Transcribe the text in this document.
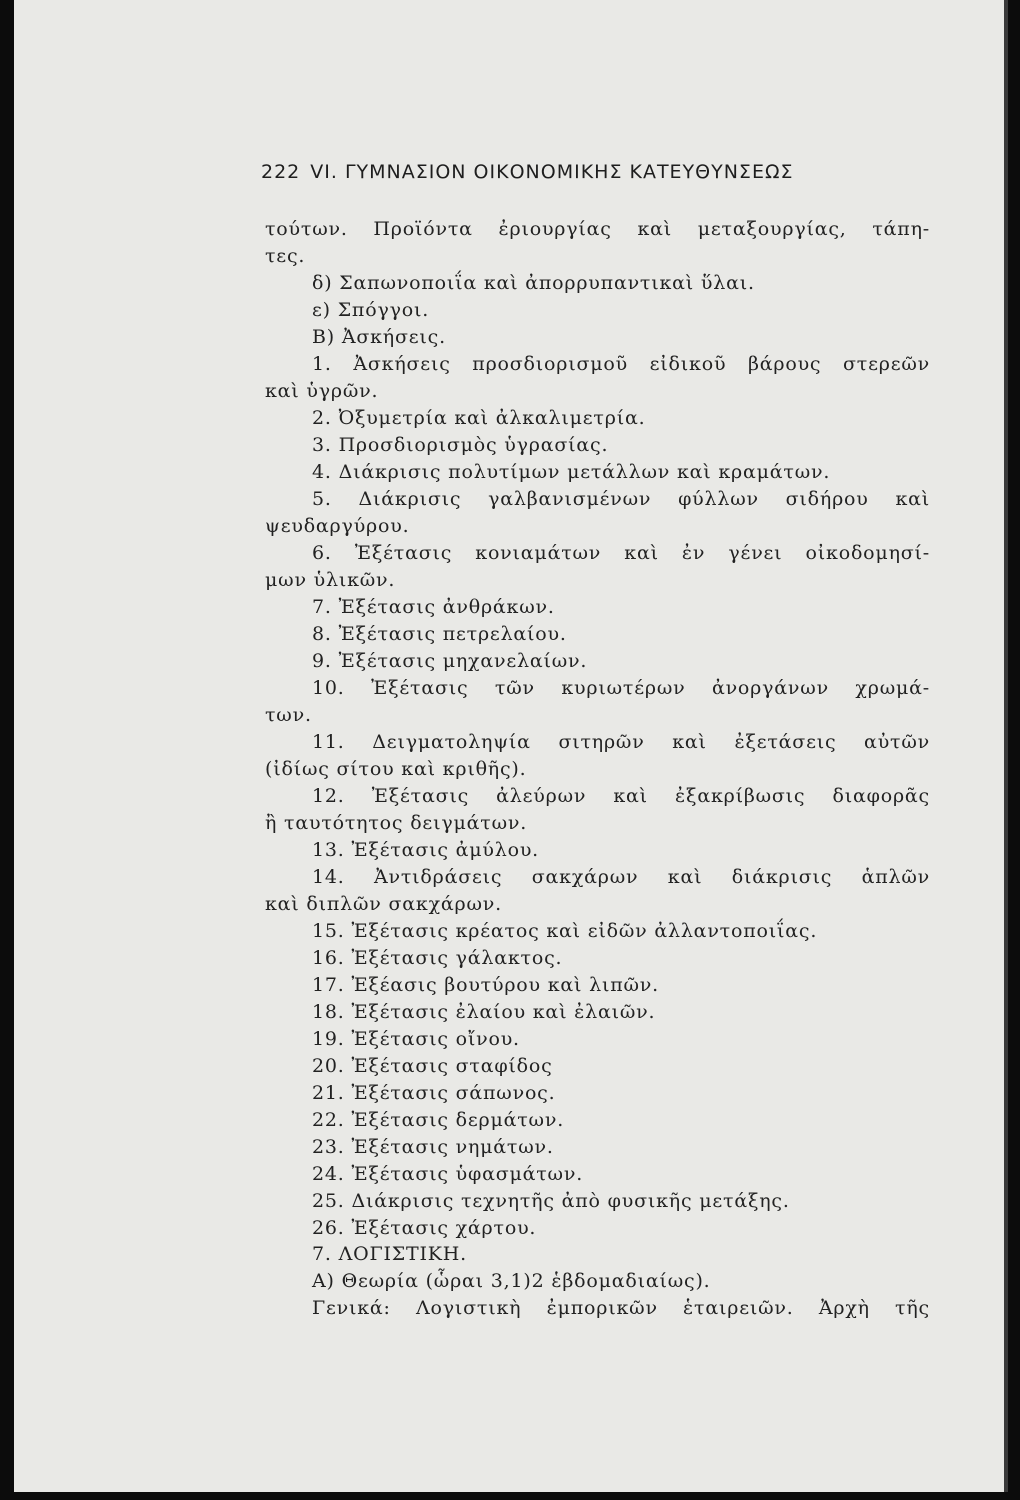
222 VI. ΓΥΜΝΑΣΙΟΝ ΟΙΚΟΝΟΜΙΚΗΣ ΚΑΤΕΥΘΥΝΣΕΩΣ
τούτων. Προϊόντα ἐριουργίας καὶ μεταξουργίας, τάπη-
τες.
δ) Σαπωνοποιΐα καὶ ἀπορρυπαντικαὶ ὕλαι.
ε) Σπόγγοι.
Β) Ἀσκήσεις.
1. Ἀσκήσεις προσδιορισμοῦ εἰδικοῦ βάρους στερεῶν
καὶ ὑγρῶν.
2. Ὀξυμετρία καὶ ἀλκαλιμετρία.
3. Προσδιορισμὸς ὑγρασίας.
4. Διάκρισις πολυτίμων μετάλλων καὶ κραμάτων.
5. Διάκρισις γαλβανισμένων φύλλων σιδήρου καὶ
ψευδαργύρου.
6. Ἐξέτασις κονιαμάτων καὶ ἐν γένει οἰκοδομησί-
μων ὑλικῶν.
7. Ἐξέτασις ἀνθράκων.
8. Ἐξέτασις πετρελαίου.
9. Ἐξέτασις μηχανελαίων.
10. Ἐξέτασις τῶν κυριωτέρων ἀνοργάνων χρωμά-
των.
11. Δειγματοληψία σιτηρῶν καὶ ἐξετάσεις αὐτῶν
(ἰδίως σίτου καὶ κριθῆς).
12. Ἐξέτασις ἀλεύρων καὶ ἐξακρίβωσις διαφορᾶς
ἢ ταυτότητος δειγμάτων.
13. Ἐξέτασις ἀμύλου.
14. Ἀντιδράσεις σακχάρων καὶ διάκρισις ἁπλῶν
καὶ διπλῶν σακχάρων.
15. Ἐξέτασις κρέατος καὶ εἰδῶν ἀλλαντοποιΐας.
16. Ἐξέτασις γάλακτος.
17. Ἐξέασις βουτύρου καὶ λιπῶν.
18. Ἐξέτασις ἐλαίου καὶ ἐλαιῶν.
19. Ἐξέτασις οἴνου.
20. Ἐξέτασις σταφίδος
21. Ἐξέτασις σάπωνος.
22. Ἐξέτασις δερμάτων.
23. Ἐξέτασις νημάτων.
24. Ἐξέτασις ὑφασμάτων.
25. Διάκρισις τεχνητῆς ἀπὸ φυσικῆς μετάξης.
26. Ἐξέτασις χάρτου.
7. ΛΟΓΙΣΤΙΚΗ.
Α) Θεωρία (ὧραι 3,1)2 ἑβδομαδιαίως).
Γενικά: Λογιστικὴ ἐμπορικῶν ἑταιρειῶν. Ἀρχὴ τῆς
